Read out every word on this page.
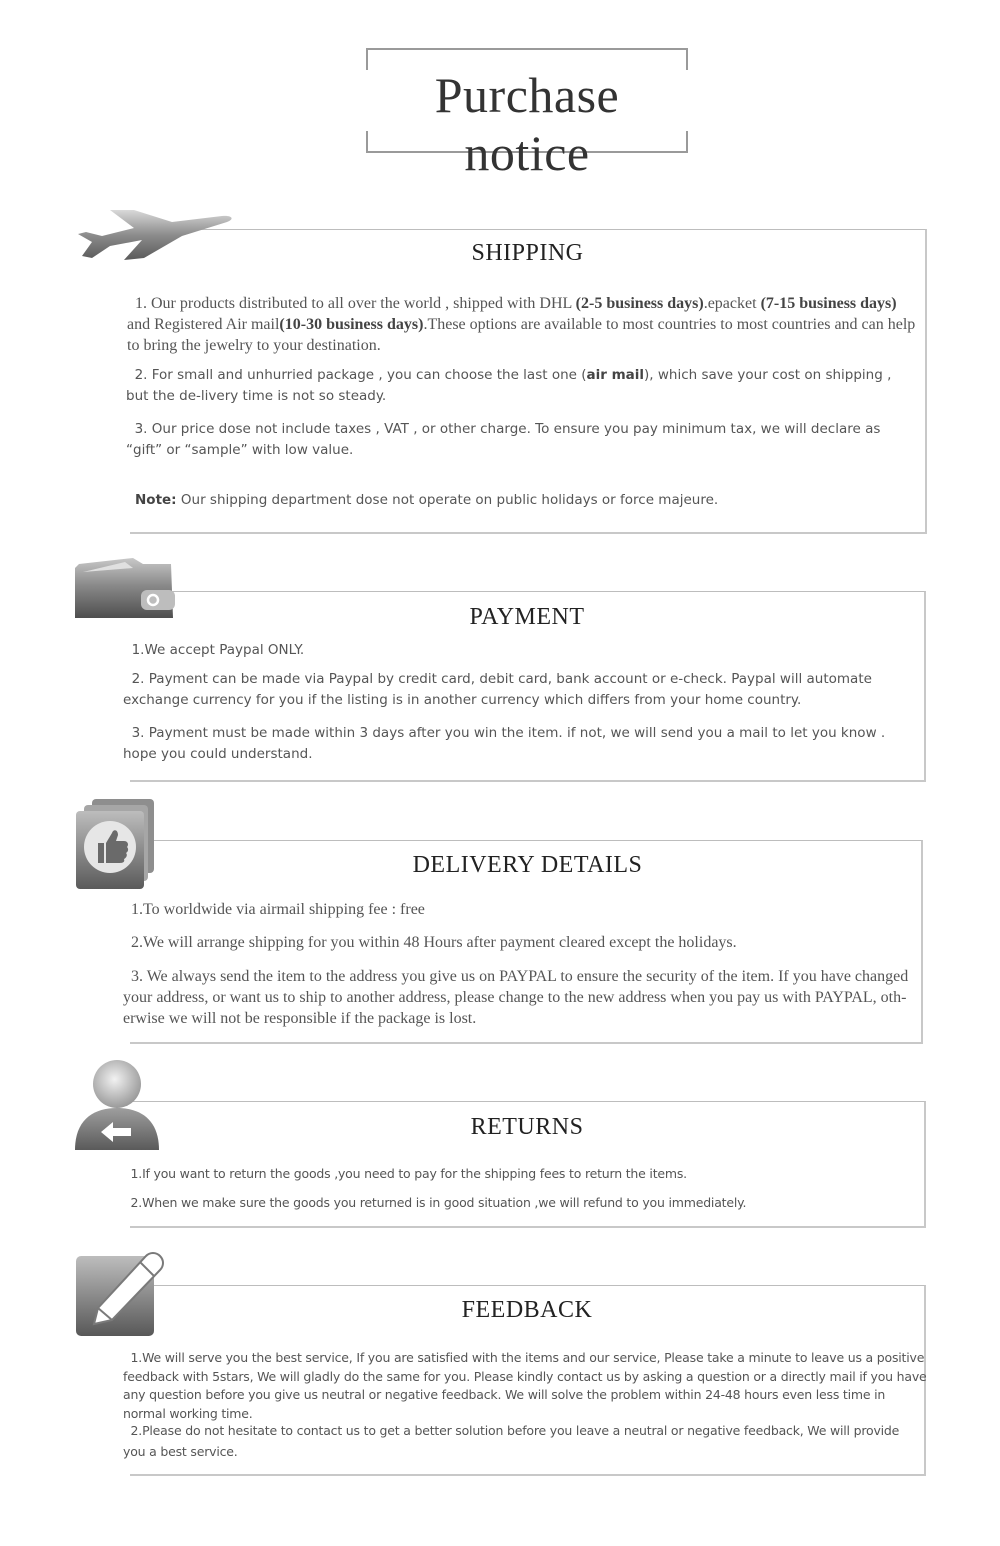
Purchase notice
SHIPPING
1. Our products distributed to all over the world , shipped with DHL (2-5 business days).epacket (7-15 business days) and Registered Air mail(10-30 business days).These options are available to most countries to most countries and can help to bring the jewelry to your destination.
2. For small and unhurried package , you can choose the last one (air mail), which save your cost on shipping , but the de-livery time is not so steady.
3. Our price dose not include taxes , VAT , or other charge. To ensure you pay minimum tax, we will declare as “gift” or “sample” with low value.
Note: Our shipping department dose not operate on public holidays or force majeure.
PAYMENT
1.We accept Paypal ONLY.
2. Payment can be made via Paypal by credit card, debit card, bank account or e-check. Paypal will automate exchange currency for you if the listing is in another currency which differs from your home country.
3. Payment must be made within 3 days after you win the item. if not, we will send you a mail to let you know . hope you could understand.
DELIVERY DETAILS
1.To worldwide via airmail shipping fee : free
2.We will arrange shipping for you within 48 Hours after payment cleared except the holidays.
3. We always send the item to the address you give us on PAYPAL to ensure the security of the item. If you have changed your address, or want us to ship to another address, please change to the new address when you pay us with PAYPAL, oth-erwise we will not be responsible if the package is lost.
RETURNS
1.If you want to return the goods ,you need to pay for the shipping fees to return the items.
2.When we make sure the goods you returned is in good situation ,we will refund to you immediately.
FEEDBACK
1.We will serve you the best service, If you are satisfied with the items and our service, Please take a minute to leave us a positive feedback with 5stars, We will gladly do the same for you. Please kindly contact us by asking a question or a directly mail if you have any question before you give us neutral or negative feedback. We will solve the problem within 24-48 hours even less time in normal working time.
2.Please do not hesitate to contact us to get a better solution before you leave a neutral or negative feedback, We will provide you a best service.
